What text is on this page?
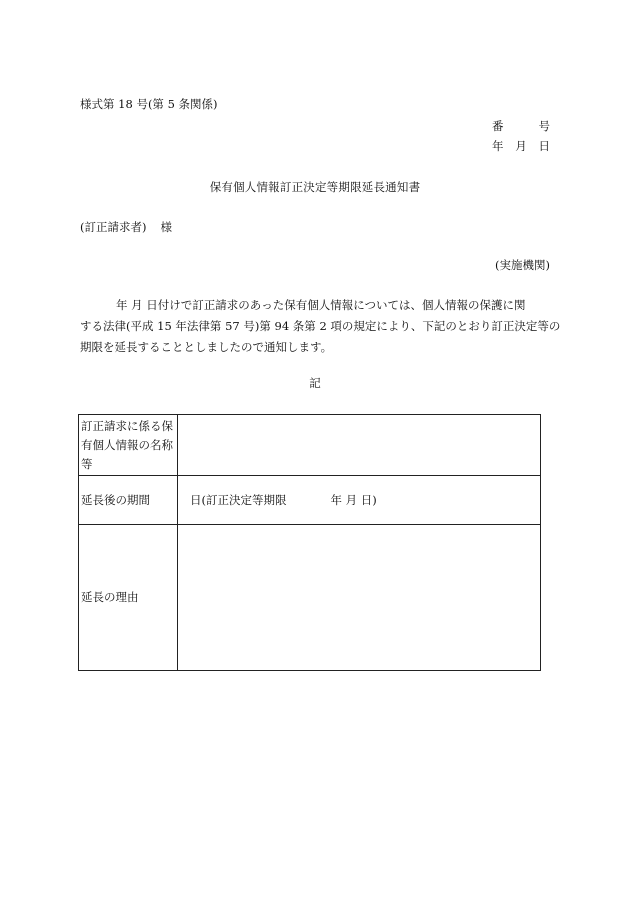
様式第 18 号(第 5 条関係)
番	号
年 月 日
保有個人情報訂正決定等期限延長通知書
(訂正請求者) 様
(実施機関)
年 月 日付けで訂正請求のあった保有個人情報については、個人情報の保護に関
する法律(平成 15 年法律第 57 号)第 94 条第 2 項の規定により、下記のとおり訂正決定等の
期限を延長することとしましたので通知します。
記
訂正請求に係る保有個人情報の名称等	
延長後の期間	日(訂正決定等期限 年 月 日)
延長の理由	
